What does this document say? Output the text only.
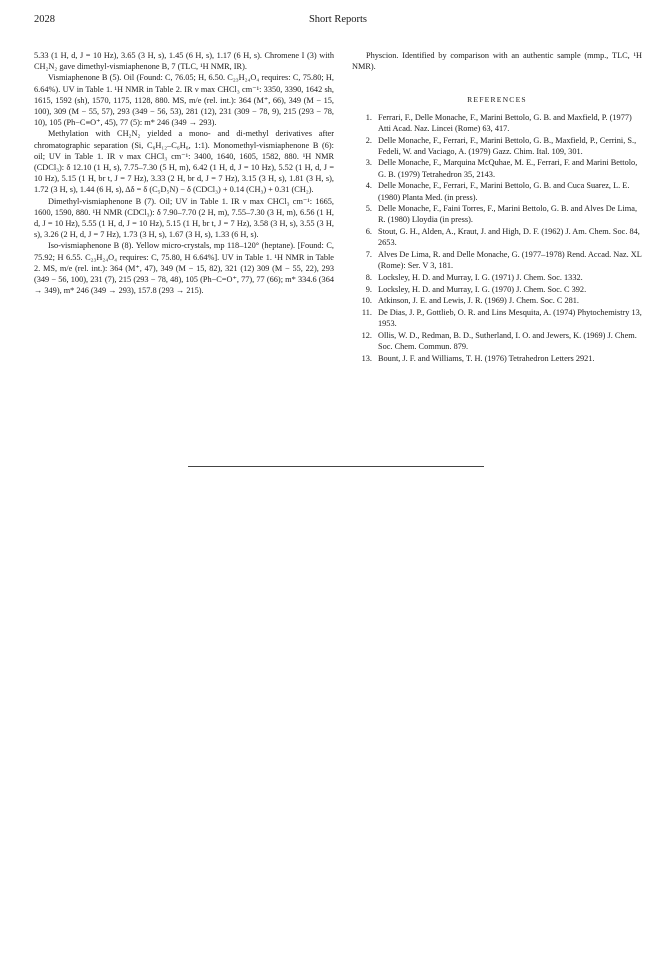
2028	Short Reports

5.33 (1 H, d, J = 10 Hz), 3.65 (3 H, s), 1.45 (6 H, s), 1.17 (6 H, s). Chromene I (3) with CH₂N₂ gave dimethyl-vismiaphenone B, 7 (TLC, ¹H NMR, IR).

Vismiaphenone B (5). Oil (Found: C, 76.05; H, 6.50. C₂₃H₂₄O₄ requires: C, 75.80; H, 6.64%). UV in Table 1. ¹H NMR in Table 2. IR ν max CHCl₃ cm⁻¹: 3350, 3390, 1642 sh, 1615, 1592 (sh), 1570, 1175, 1128, 880. MS, m/e (rel. int.): 364 (M⁺, 66), 349 (M − 15, 100), 309 (M − 55, 57), 293 (349 − 56, 53), 281 (12), 231 (309 − 78, 9), 215 (293 − 78, 10), 105 (Ph−C≡O⁺, 45), 77 (5): m* 246 (349 → 293).

Methylation with CH₂N₂ yielded a mono- and di-methyl derivatives after chromatographic separation (Si, C₆H₁₂–C₆H₆, 1:1). Monomethyl-vismiaphenone B (6): oil; UV in Table 1. IR ν max CHCl₃ cm⁻¹: 3400, 1640, 1605, 1582, 880. ¹H NMR (CDCl₃): δ 12.10 (1 H, s), 7.75–7.30 (5 H, m), 6.42 (1 H, d, J = 10 Hz), 5.52 (1 H, d, J = 10 Hz), 5.15 (1 H, br t, J = 7 Hz), 3.33 (2 H, br d, J = 7 Hz), 3.15 (3 H, s), 1.81 (3 H, s), 1.72 (3 H, s), 1.44 (6 H, s), Δδ = δ (C₅D₅N) − δ (CDCl₃) + 0.14 (CH₃) + 0.31 (CH₂).

Dimethyl-vismiaphenone B (7). Oil; UV in Table 1. IR ν max CHCl₃ cm⁻¹: 1665, 1600, 1590, 880. ¹H NMR (CDCl₃): δ 7.90–7.70 (2 H, m), 7.55–7.30 (3 H, m), 6.56 (1 H, d, J = 10 Hz), 5.55 (1 H, d, J = 10 Hz), 5.15 (1 H, br t, J = 7 Hz), 3.58 (3 H, s), 3.55 (3 H, s), 3.26 (2 H, d, J = 7 Hz), 1.73 (3 H, s), 1.67 (3 H, s), 1.33 (6 H, s).

Iso-vismiaphenone B (8). Yellow micro-crystals, mp 118–120° (heptane). [Found: C, 75.92; H 6.55. C₂₃H₂₄O₄ requires: C, 75.80, H 6.64%]. UV in Table 1. ¹H NMR in Table 2. MS, m/e (rel. int.): 364 (M⁺, 47), 349 (M − 15, 82), 321 (12) 309 (M − 55, 22), 293 (349 − 56, 100), 231 (7), 215 (293 − 78, 48), 105 (Ph−C=O⁺, 77), 77 (66); m* 334.6 (364 → 349), m* 246 (349 → 293), 157.8 (293 → 215).

Physcion. Identified by comparison with an authentic sample (mmp., TLC, ¹H NMR).

REFERENCES
1. Ferrari, F., Delle Monache, F., Marini Bettolo, G. B. and Maxfield, P. (1977) Atti Acad. Naz. Lincei (Rome) 63, 417.
2. Delle Monache, F., Ferrari, F., Marini Bettolo, G. B., Maxfield, P., Cerrini, S., Fedeli, W. and Vaciago, A. (1979) Gazz. Chim. Ital. 109, 301.
3. Delle Monache, F., Marquina McQuhae, M. E., Ferrari, F. and Marini Bettolo, G. B. (1979) Tetrahedron 35, 2143.
4. Delle Monache, F., Ferrari, F., Marini Bettolo, G. B. and Cuca Suarez, L. E. (1980) Planta Med. (in press).
5. Delle Monache, F., Faini Torres, F., Marini Bettolo, G. B. and Alves De Lima, R. (1980) Lloydia (in press).
6. Stout, G. H., Alden, A., Kraut, J. and High, D. F. (1962) J. Am. Chem. Soc. 84, 2653.
7. Alves De Lima, R. and Delle Monache, G. (1977–1978) Rend. Accad. Naz. XL (Rome): Ser. V 3, 181.
8. Locksley, H. D. and Murray, I. G. (1971) J. Chem. Soc. 1332.
9. Locksley, H. D. and Murray, I. G. (1970) J. Chem. Soc. C 392.
10. Atkinson, J. E. and Lewis, J. R. (1969) J. Chem. Soc. C 281.
11. De Dias, J. P., Gottlieb, O. R. and Lins Mesquita, A. (1974) Phytochemistry 13, 1953.
12. Ollis, W. D., Redman, B. D., Sutherland, I. O. and Jewers, K. (1969) J. Chem. Soc. Chem. Commun. 879.
13. Bount, J. F. and Williams, T. H. (1976) Tetrahedron Letters 2921.
